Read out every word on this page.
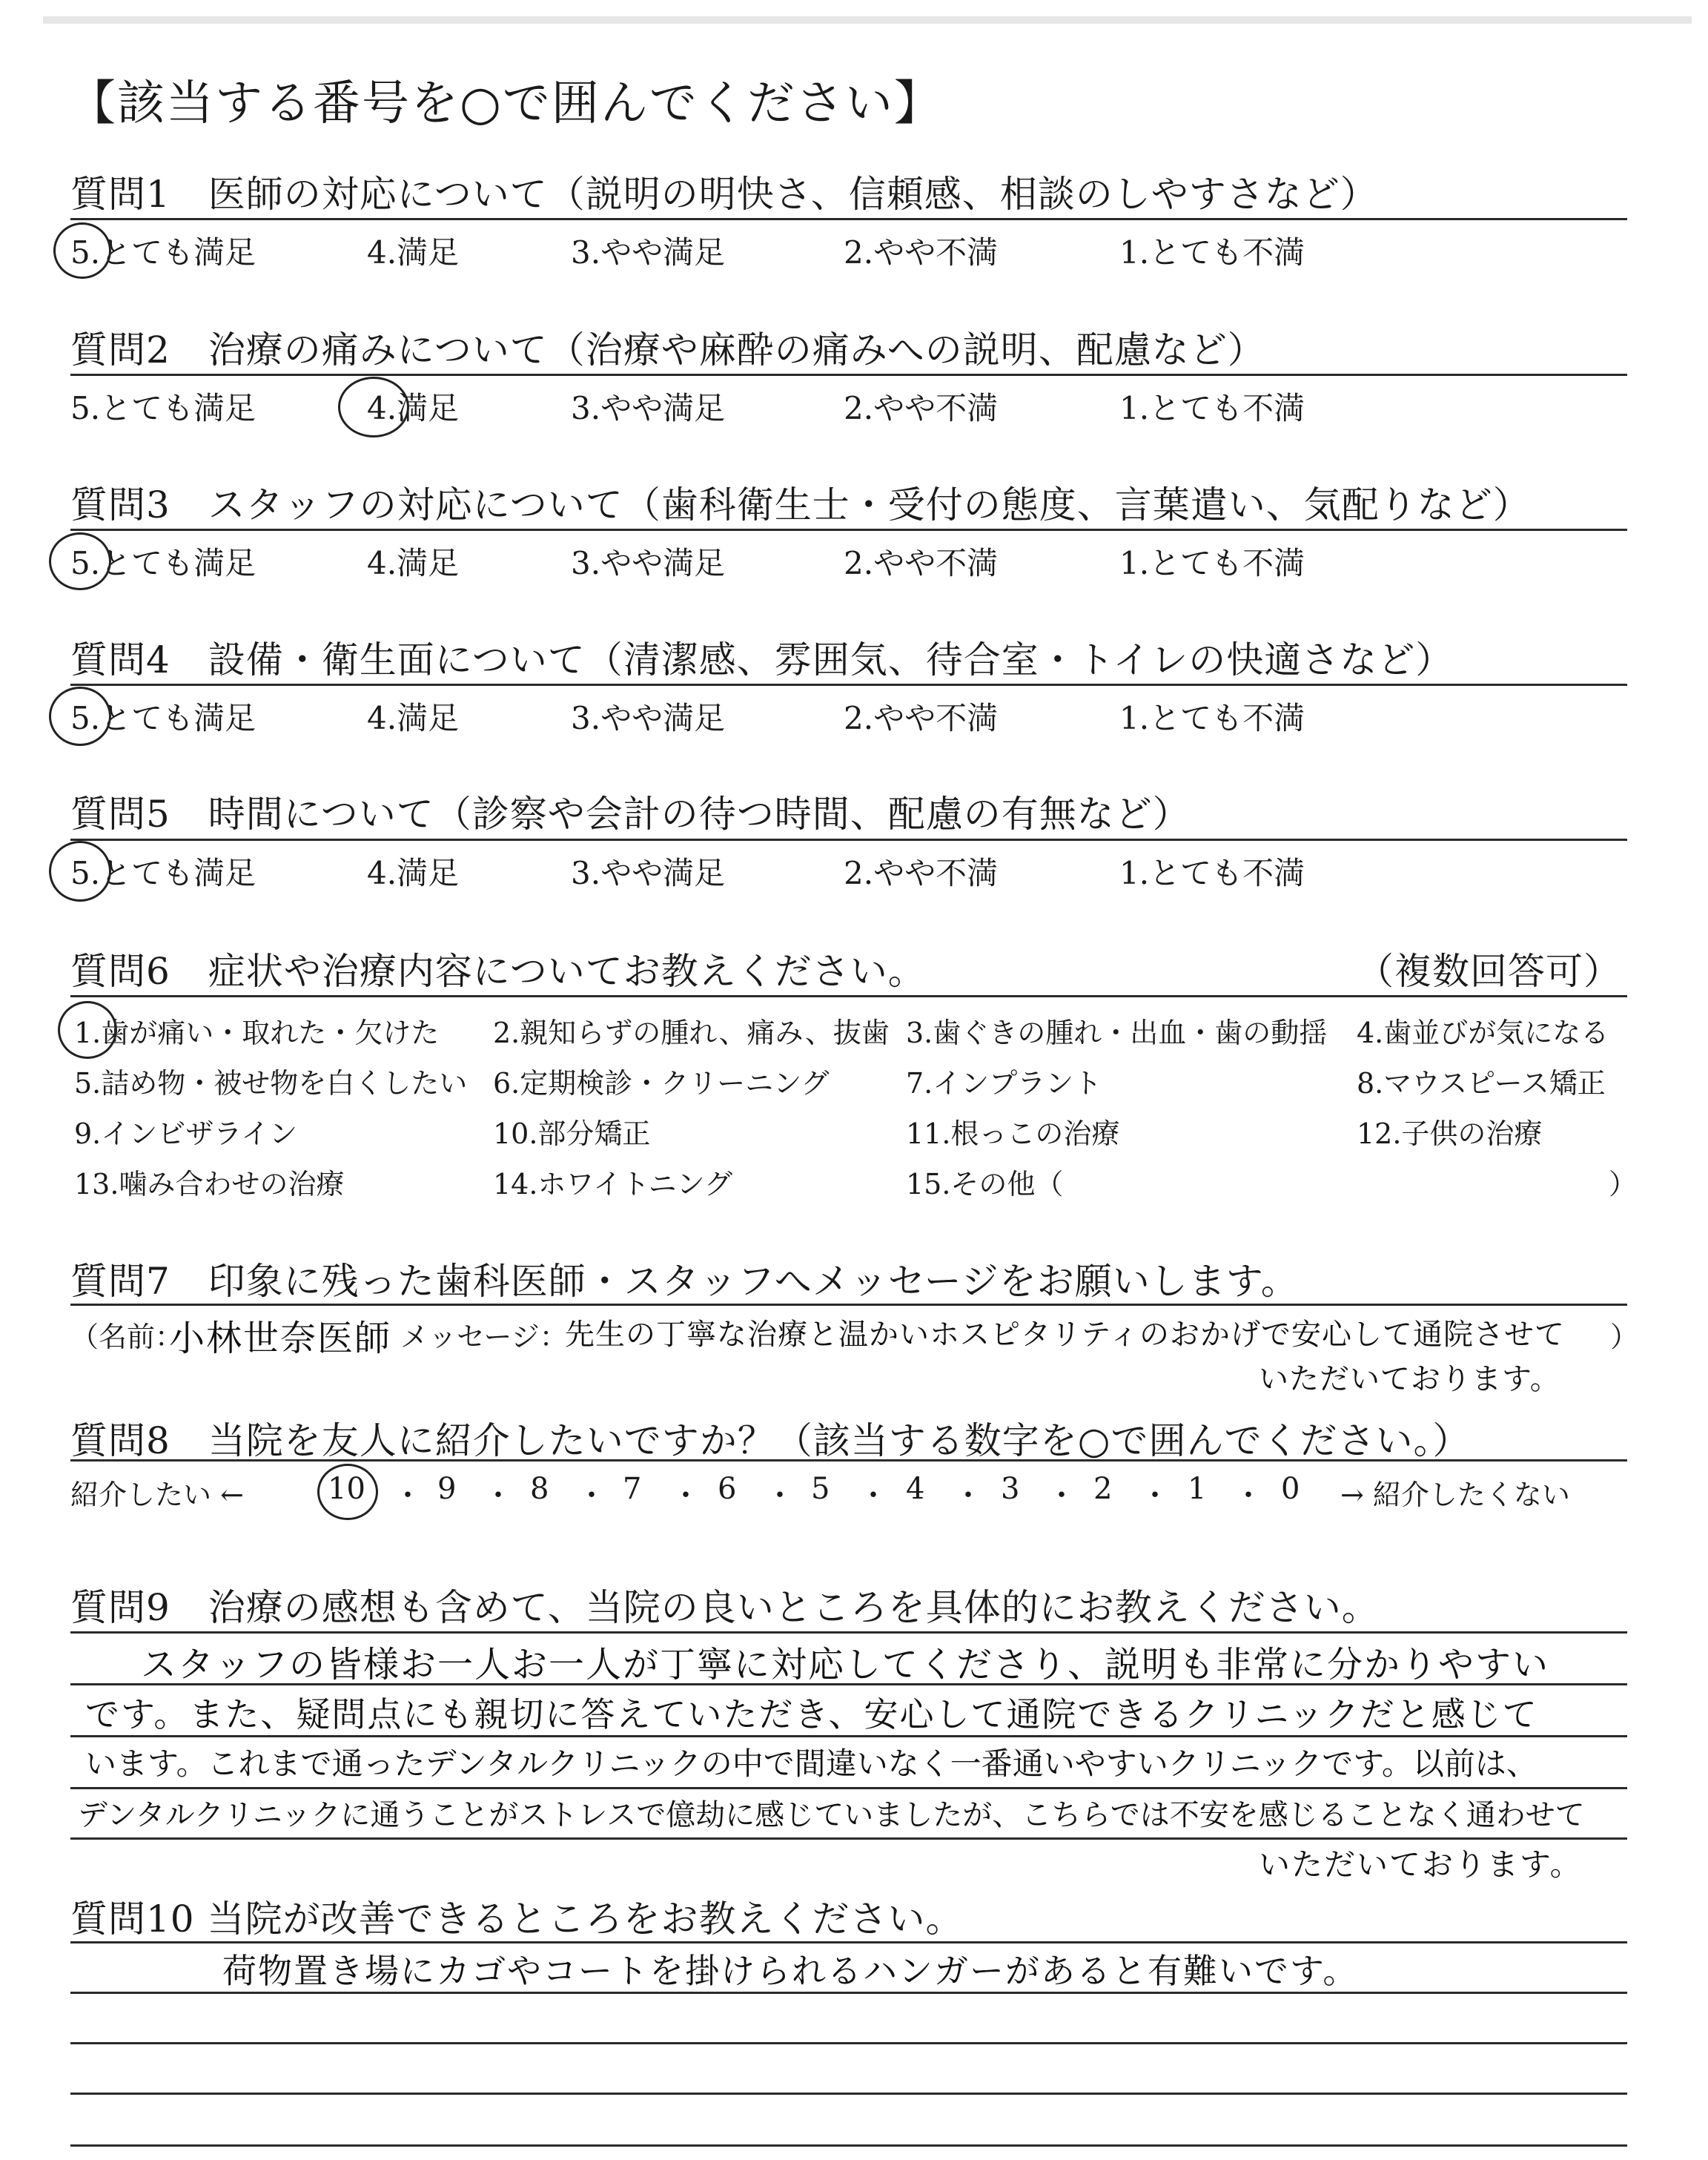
【該当する番号を○で囲んでください】
質問1　医師の対応について（説明の明快さ、信頼感、相談のしやすさなど）
5.とても満足	4.満足	3.やや満足	2.やや不満	1.とても不満
質問2　治療の痛みについて（治療や麻酔の痛みへの説明、配慮など）
5.とても満足	4.満足	3.やや満足	2.やや不満	1.とても不満
質問3　スタッフの対応について（歯科衛生士・受付の態度、言葉遣い、気配りなど）
5.とても満足	4.満足	3.やや満足	2.やや不満	1.とても不満
質問4　設備・衛生面について（清潔感、雰囲気、待合室・トイレの快適さなど）
5.とても満足	4.満足	3.やや満足	2.やや不満	1.とても不満
質問5　時間について（診察や会計の待つ時間、配慮の有無など）
5.とても満足	4.満足	3.やや満足	2.やや不満	1.とても不満
質問6　症状や治療内容についてお教えください。	（複数回答可）
1.歯が痛い・取れた・欠けた 2.親知らずの腫れ、痛み、抜歯 3.歯ぐきの腫れ・出血・歯の動揺 4.歯並びが気になる
5.詰め物・被せ物を白くしたい 6.定期検診・クリーニング	7.インプラント	8.マウスピース矯正
9.インビザライン	10.部分矯正	11.根っこの治療	12.子供の治療
13.噛み合わせの治療	14.ホワイトニング	15.その他（	）
質問7　印象に残った歯科医師・スタッフへメッセージをお願いします。
（名前：
小林世奈医師 メッセージ：
先生の丁寧な治療と温かいホスピタリティのおかげで安心して通院させて ）
いただいております。
質問8　当院を友人に紹介したいですか？（該当する数字を○で囲んでください。）
紹介したい ←	10 ・ 9 ・ 8 ・ 7 ・ 6 ・ 5 ・ 4 ・ 3 ・ 2 ・ 1 ・ 0 → 紹介したくない
質問9　治療の感想も含めて、当院の良いところを具体的にお教えください。
スタッフの皆様お一人お一人が丁寧に対応してくださり、説明も非常に分かりやすい
です。また、疑問点にも親切に答えていただき、安心して通院できるクリニックだと感じて
います。これまで通ったデンタルクリニックの中で間違いなく一番通いやすいクリニックです。以前は、
デンタルクリニックに通うことがストレスで億劫に感じていましたが、こちらでは不安を感じることなく通わせて
いただいております。
質問10 当院が改善できるところをお教えください。
荷物置き場にカゴやコートを掛けられるハンガーがあると有難いです。
